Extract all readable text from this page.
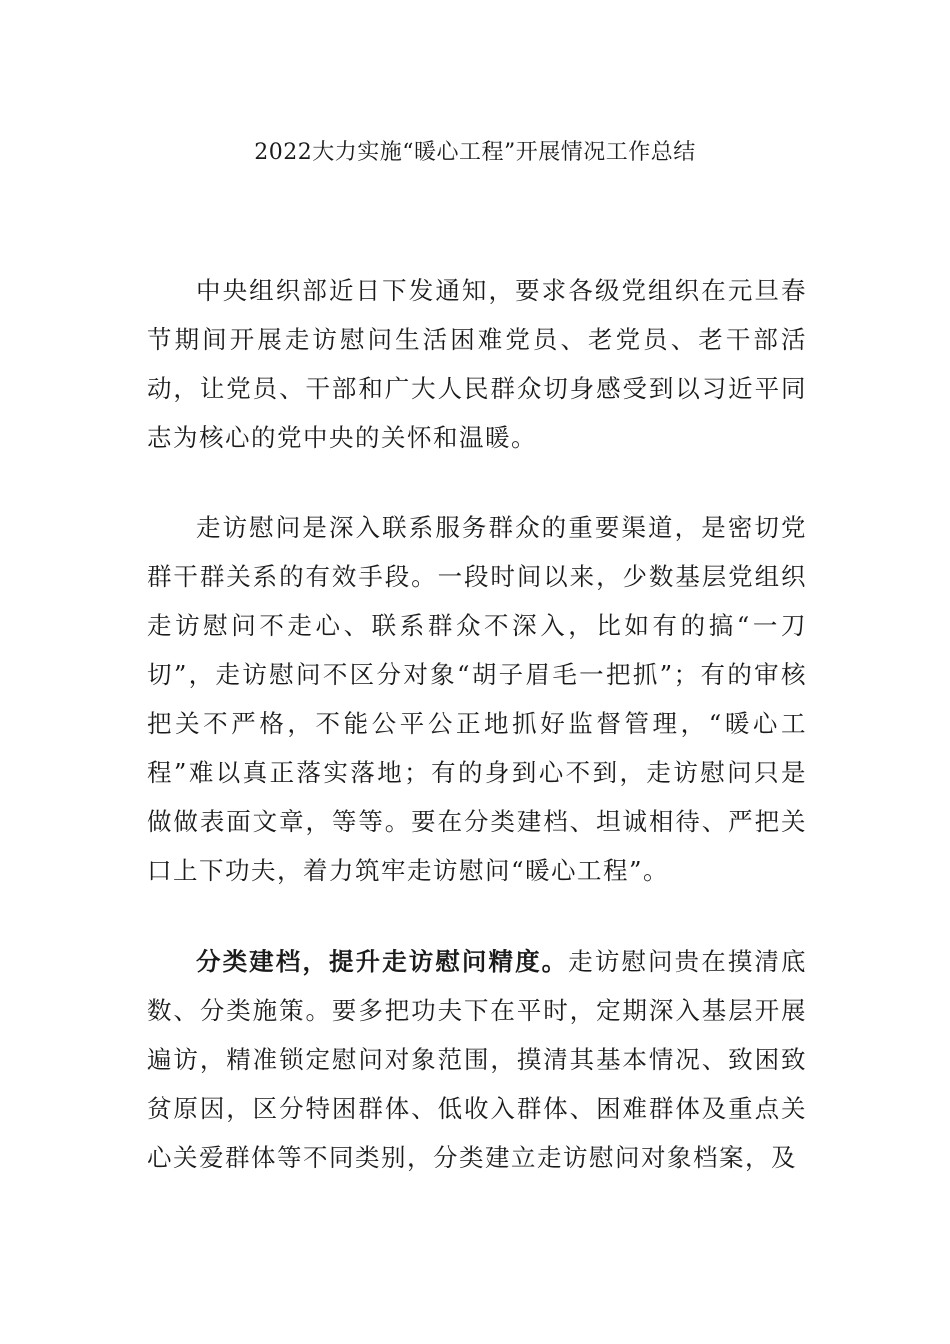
2022大力实施“暖心工程”开展情况工作总结

中央组织部近日下发通知，要求各级党组织在元旦春节期间开展走访慰问生活困难党员、老党员、老干部活动，让党员、干部和广大人民群众切身感受到以习近平同志为核心的党中央的关怀和温暖。

走访慰问是深入联系服务群众的重要渠道，是密切党群干群关系的有效手段。一段时间以来，少数基层党组织走访慰问不走心、联系群众不深入，比如有的搞“一刀切”，走访慰问不区分对象“胡子眉毛一把抓”；有的审核把关不严格，不能公平公正地抓好监督管理，“暖心工程”难以真正落实落地；有的身到心不到，走访慰问只是做做表面文章，等等。要在分类建档、坦诚相待、严把关口上下功夫，着力筑牢走访慰问“暖心工程”。

分类建档，提升走访慰问精度。走访慰问贵在摸清底数、分类施策。要多把功夫下在平时，定期深入基层开展遍访，精准锁定慰问对象范围，摸清其基本情况、致困致贫原因，区分特困群体、低收入群体、困难群体及重点关心关爱群体等不同类别，分类建立走访慰问对象档案，及
